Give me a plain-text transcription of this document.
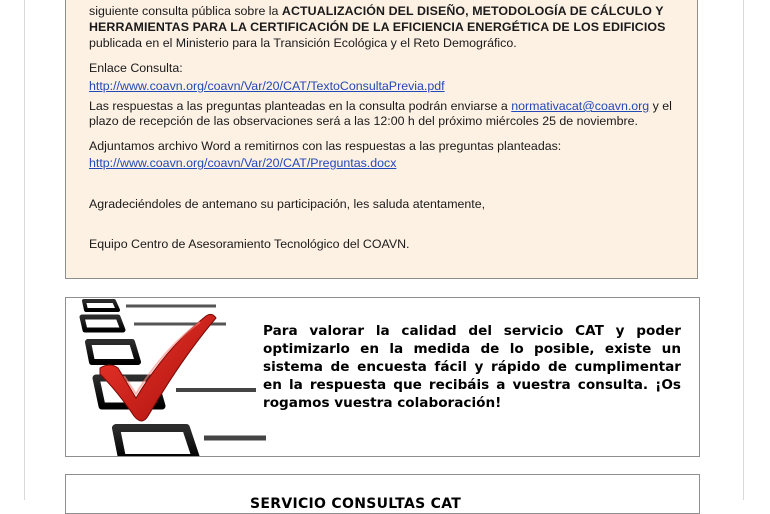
siguiente consulta pública sobre la ACTUALIZACIÓN DEL DISEÑO, METODOLOGÍA DE CÁLCULO Y

HERRAMIENTAS PARA LA CERTIFICACIÓN DE LA EFICIENCIA ENERGÉTICA DE LOS EDIFICIOS

publicada en el Ministerio para la Transición Ecológica y el Reto Demográfico.

Enlace Consulta:

http://www.coavn.org/coavn/Var/20/CAT/TextoConsultaPrevia.pdf

Las respuestas a las preguntas planteadas en la consulta podrán enviarse a normativacat@coavn.org y el

plazo de recepción de las observaciones será a las 12:00 h del próximo miércoles 25 de noviembre.

Adjuntamos archivo Word a remitirnos con las respuestas a las preguntas planteadas:

http://www.coavn.org/coavn/Var/20/CAT/Preguntas.docx

Agradeciéndoles de antemano su participación, les saluda atentamente,

Equipo Centro de Asesoramiento Tecnológico del COAVN.

Para valorar la calidad del servicio CAT y poder optimizarlo en la medida de lo posible, existe un sistema de encuesta fácil y rápido de cumplimentar en la respuesta que recibáis a vuestra consulta. ¡Os rogamos vuestra colaboración!
SERVICIO CONSULTAS CAT
